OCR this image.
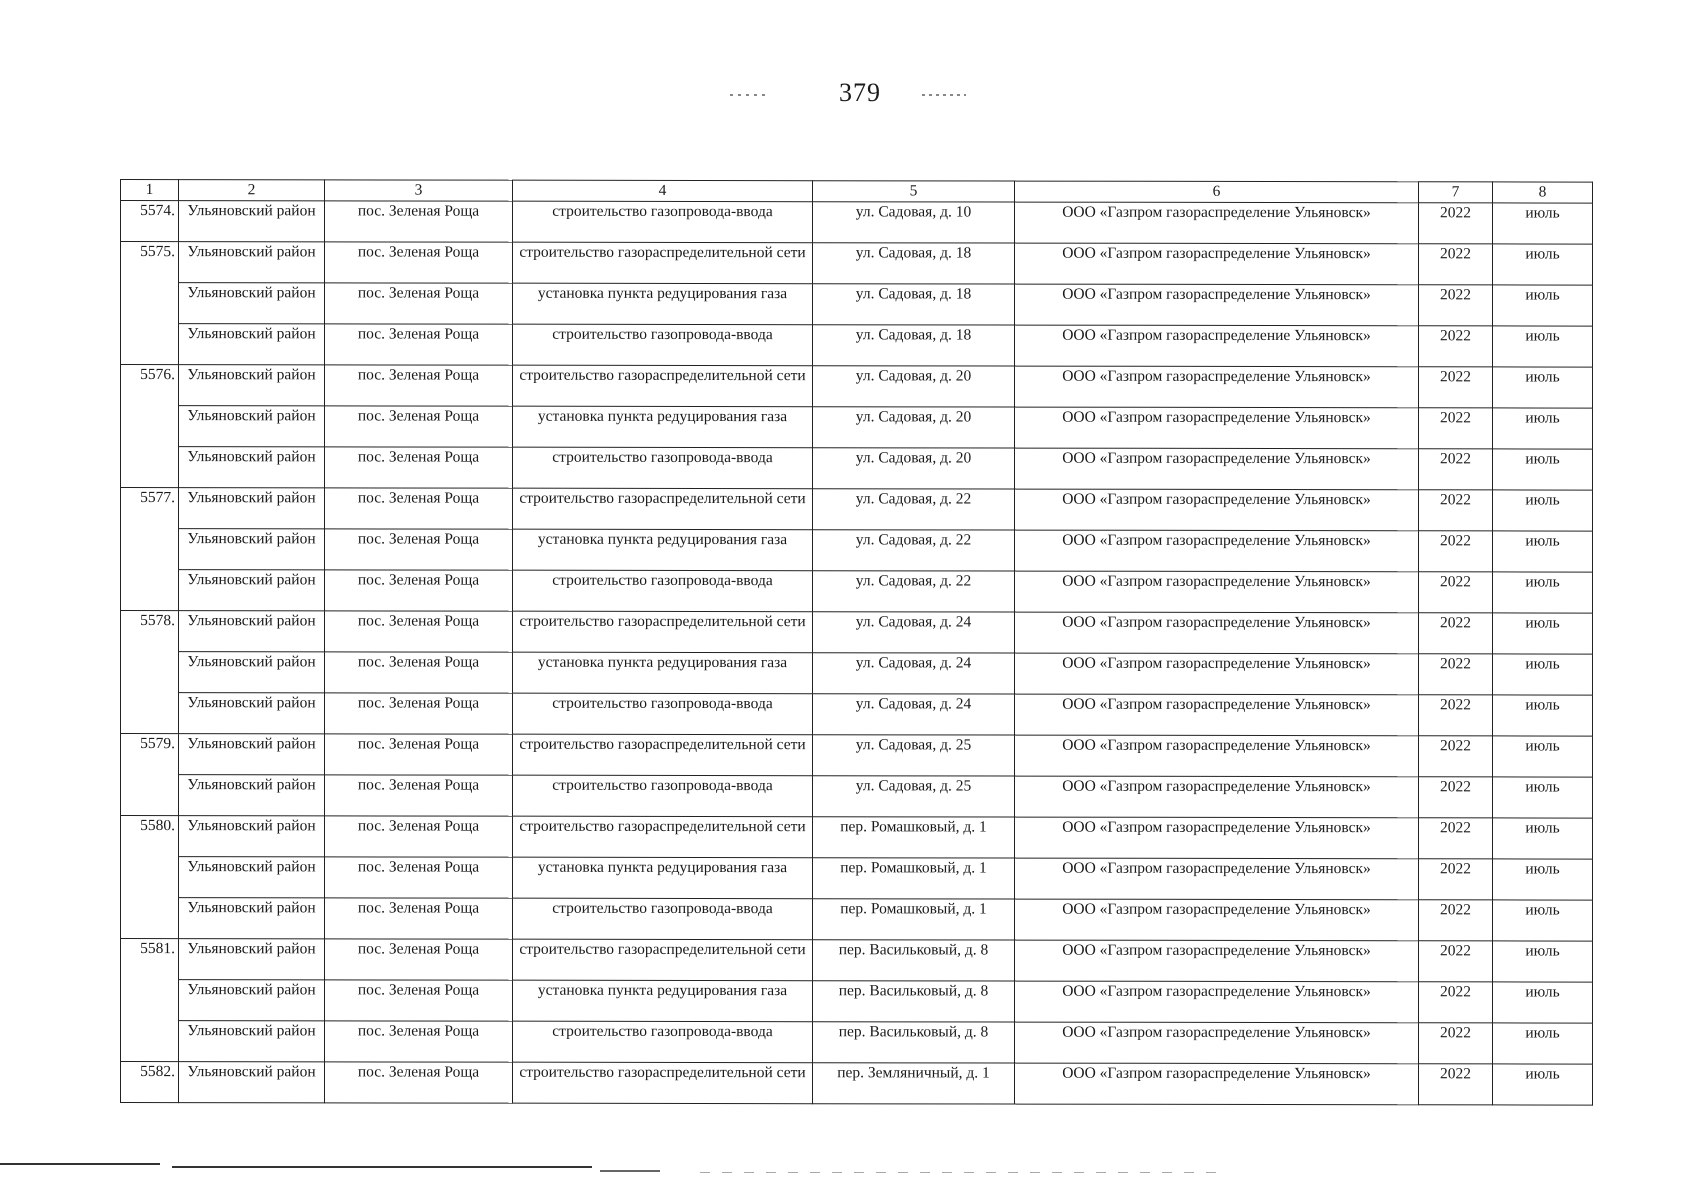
379
1	2	3	4	5	6	7	8
5574.	Ульяновский район	пос. Зеленая Роща	строительство газопровода-ввода	ул. Садовая, д. 10	ООО «Газпром газораспределение Ульяновск»	2022	июль
5575.	Ульяновский район	пос. Зеленая Роща	строительство газораспределительной сети	ул. Садовая, д. 18	ООО «Газпром газораспределение Ульяновск»	2022	июль
	Ульяновский район	пос. Зеленая Роща	установка пункта редуцирования газа	ул. Садовая, д. 18	ООО «Газпром газораспределение Ульяновск»	2022	июль
	Ульяновский район	пос. Зеленая Роща	строительство газопровода-ввода	ул. Садовая, д. 18	ООО «Газпром газораспределение Ульяновск»	2022	июль
5576.	Ульяновский район	пос. Зеленая Роща	строительство газораспределительной сети	ул. Садовая, д. 20	ООО «Газпром газораспределение Ульяновск»	2022	июль
	Ульяновский район	пос. Зеленая Роща	установка пункта редуцирования газа	ул. Садовая, д. 20	ООО «Газпром газораспределение Ульяновск»	2022	июль
	Ульяновский район	пос. Зеленая Роща	строительство газопровода-ввода	ул. Садовая, д. 20	ООО «Газпром газораспределение Ульяновск»	2022	июль
5577.	Ульяновский район	пос. Зеленая Роща	строительство газораспределительной сети	ул. Садовая, д. 22	ООО «Газпром газораспределение Ульяновск»	2022	июль
	Ульяновский район	пос. Зеленая Роща	установка пункта редуцирования газа	ул. Садовая, д. 22	ООО «Газпром газораспределение Ульяновск»	2022	июль
	Ульяновский район	пос. Зеленая Роща	строительство газопровода-ввода	ул. Садовая, д. 22	ООО «Газпром газораспределение Ульяновск»	2022	июль
5578.	Ульяновский район	пос. Зеленая Роща	строительство газораспределительной сети	ул. Садовая, д. 24	ООО «Газпром газораспределение Ульяновск»	2022	июль
	Ульяновский район	пос. Зеленая Роща	установка пункта редуцирования газа	ул. Садовая, д. 24	ООО «Газпром газораспределение Ульяновск»	2022	июль
	Ульяновский район	пос. Зеленая Роща	строительство газопровода-ввода	ул. Садовая, д. 24	ООО «Газпром газораспределение Ульяновск»	2022	июль
5579.	Ульяновский район	пос. Зеленая Роща	строительство газораспределительной сети	ул. Садовая, д. 25	ООО «Газпром газораспределение Ульяновск»	2022	июль
	Ульяновский район	пос. Зеленая Роща	строительство газопровода-ввода	ул. Садовая, д. 25	ООО «Газпром газораспределение Ульяновск»	2022	июль
5580.	Ульяновский район	пос. Зеленая Роща	строительство газораспределительной сети	пер. Ромашковый, д. 1	ООО «Газпром газораспределение Ульяновск»	2022	июль
	Ульяновский район	пос. Зеленая Роща	установка пункта редуцирования газа	пер. Ромашковый, д. 1	ООО «Газпром газораспределение Ульяновск»	2022	июль
	Ульяновский район	пос. Зеленая Роща	строительство газопровода-ввода	пер. Ромашковый, д. 1	ООО «Газпром газораспределение Ульяновск»	2022	июль
5581.	Ульяновский район	пос. Зеленая Роща	строительство газораспределительной сети	пер. Васильковый, д. 8	ООО «Газпром газораспределение Ульяновск»	2022	июль
	Ульяновский район	пос. Зеленая Роща	установка пункта редуцирования газа	пер. Васильковый, д. 8	ООО «Газпром газораспределение Ульяновск»	2022	июль
	Ульяновский район	пос. Зеленая Роща	строительство газопровода-ввода	пер. Васильковый, д. 8	ООО «Газпром газораспределение Ульяновск»	2022	июль
5582.	Ульяновский район	пос. Зеленая Роща	строительство газораспределительной сети	пер. Земляничный, д. 1	ООО «Газпром газораспределение Ульяновск»	2022	июль
